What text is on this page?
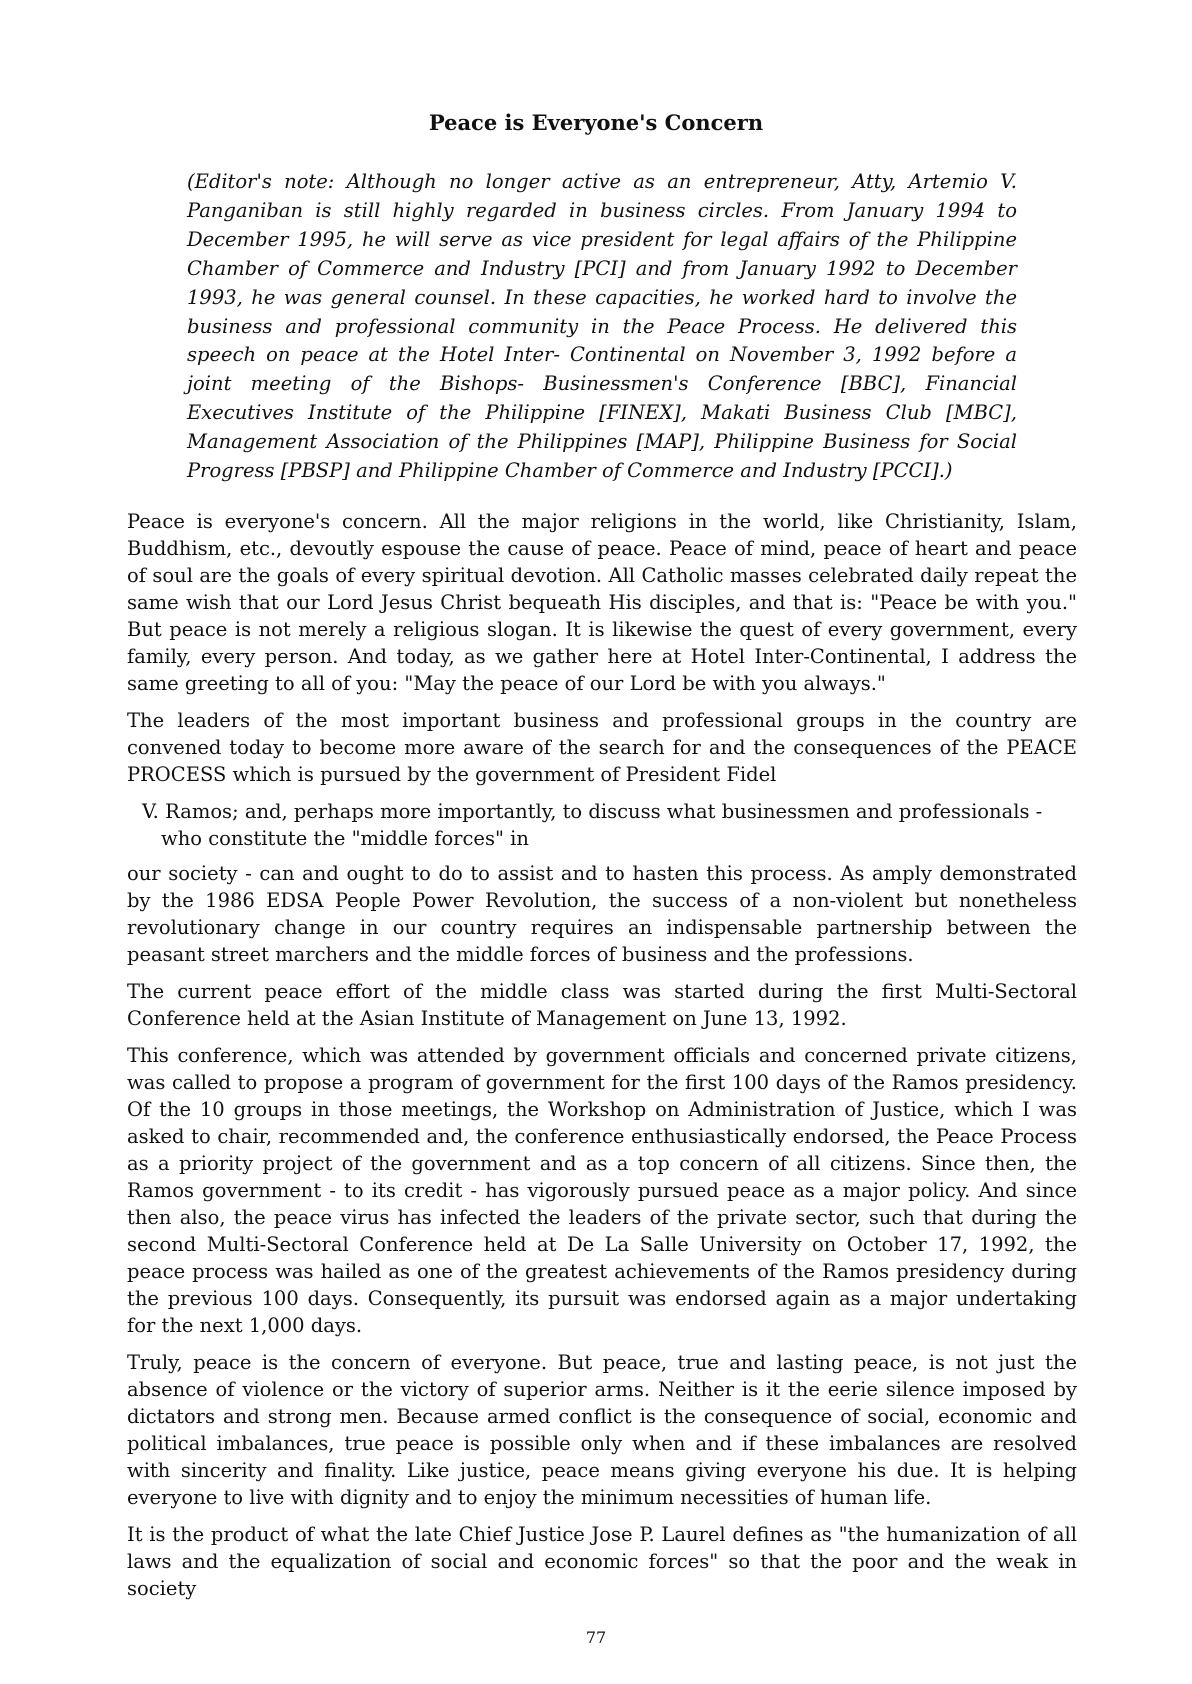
Peace is Everyone's Concern

(Editor's note: Although no longer active as an entrepreneur, Atty, Artemio V. Panganiban is still highly regarded in business circles. From January 1994 to December 1995, he will serve as vice president for legal affairs of the Philippine Chamber of Commerce and Industry [PCI] and from January 1992 to December 1993, he was general counsel. In these capacities, he worked hard to involve the business and professional community in the Peace Process. He delivered this speech on peace at the Hotel Inter- Continental on November 3, 1992 before a joint meeting of the Bishops- Businessmen's Conference [BBC], Financial Executives Institute of the Philippine [FINEX], Makati Business Club [MBC], Management Association of the Philippines [MAP], Philippine Business for Social Progress [PBSP] and Philippine Chamber of Commerce and Industry [PCCI].)

Peace is everyone's concern. All the major religions in the world, like Christianity, Islam, Buddhism, etc., devoutly espouse the cause of peace. Peace of mind, peace of heart and peace of soul are the goals of every spiritual devotion. All Catholic masses celebrated daily repeat the same wish that our Lord Jesus Christ bequeath His disciples, and that is: "Peace be with you." But peace is not merely a religious slogan. It is likewise the quest of every government, every family, every person. And today, as we gather here at Hotel Inter-Continental, I address the same greeting to all of you: "May the peace of our Lord be with you always."

The leaders of the most important business and professional groups in the country are convened today to become more aware of the search for and the consequences of the PEACE PROCESS which is pursued by the government of President Fidel

V. Ramos; and, perhaps more importantly, to discuss what businessmen and professionals - who constitute the "middle forces" in

our society - can and ought to do to assist and to hasten this process. As amply demonstrated by the 1986 EDSA People Power Revolution, the success of a non-violent but nonetheless revolutionary change in our country requires an indispensable partnership between the peasant street marchers and the middle forces of business and the professions.

The current peace effort of the middle class was started during the first Multi-Sectoral Conference held at the Asian Institute of Management on June 13, 1992.

This conference, which was attended by government officials and concerned private citizens, was called to propose a program of government for the first 100 days of the Ramos presidency. Of the 10 groups in those meetings, the Workshop on Administration of Justice, which I was asked to chair, recommended and, the conference enthusiastically endorsed, the Peace Process as a priority project of the government and as a top concern of all citizens. Since then, the Ramos government - to its credit - has vigorously pursued peace as a major policy. And since then also, the peace virus has infected the leaders of the private sector, such that during the second Multi-Sectoral Conference held at De La Salle University on October 17, 1992, the peace process was hailed as one of the greatest achievements of the Ramos presidency during the previous 100 days. Consequently, its pursuit was endorsed again as a major undertaking for the next 1,000 days.

Truly, peace is the concern of everyone. But peace, true and lasting peace, is not just the absence of violence or the victory of superior arms. Neither is it the eerie silence imposed by dictators and strong men. Because armed conflict is the consequence of social, economic and political imbalances, true peace is possible only when and if these imbalances are resolved with sincerity and finality. Like justice, peace means giving everyone his due. It is helping everyone to live with dignity and to enjoy the minimum necessities of human life.

It is the product of what the late Chief Justice Jose P. Laurel defines as "the humanization of all laws and the equalization of social and economic forces" so that the poor and the weak in society

77
